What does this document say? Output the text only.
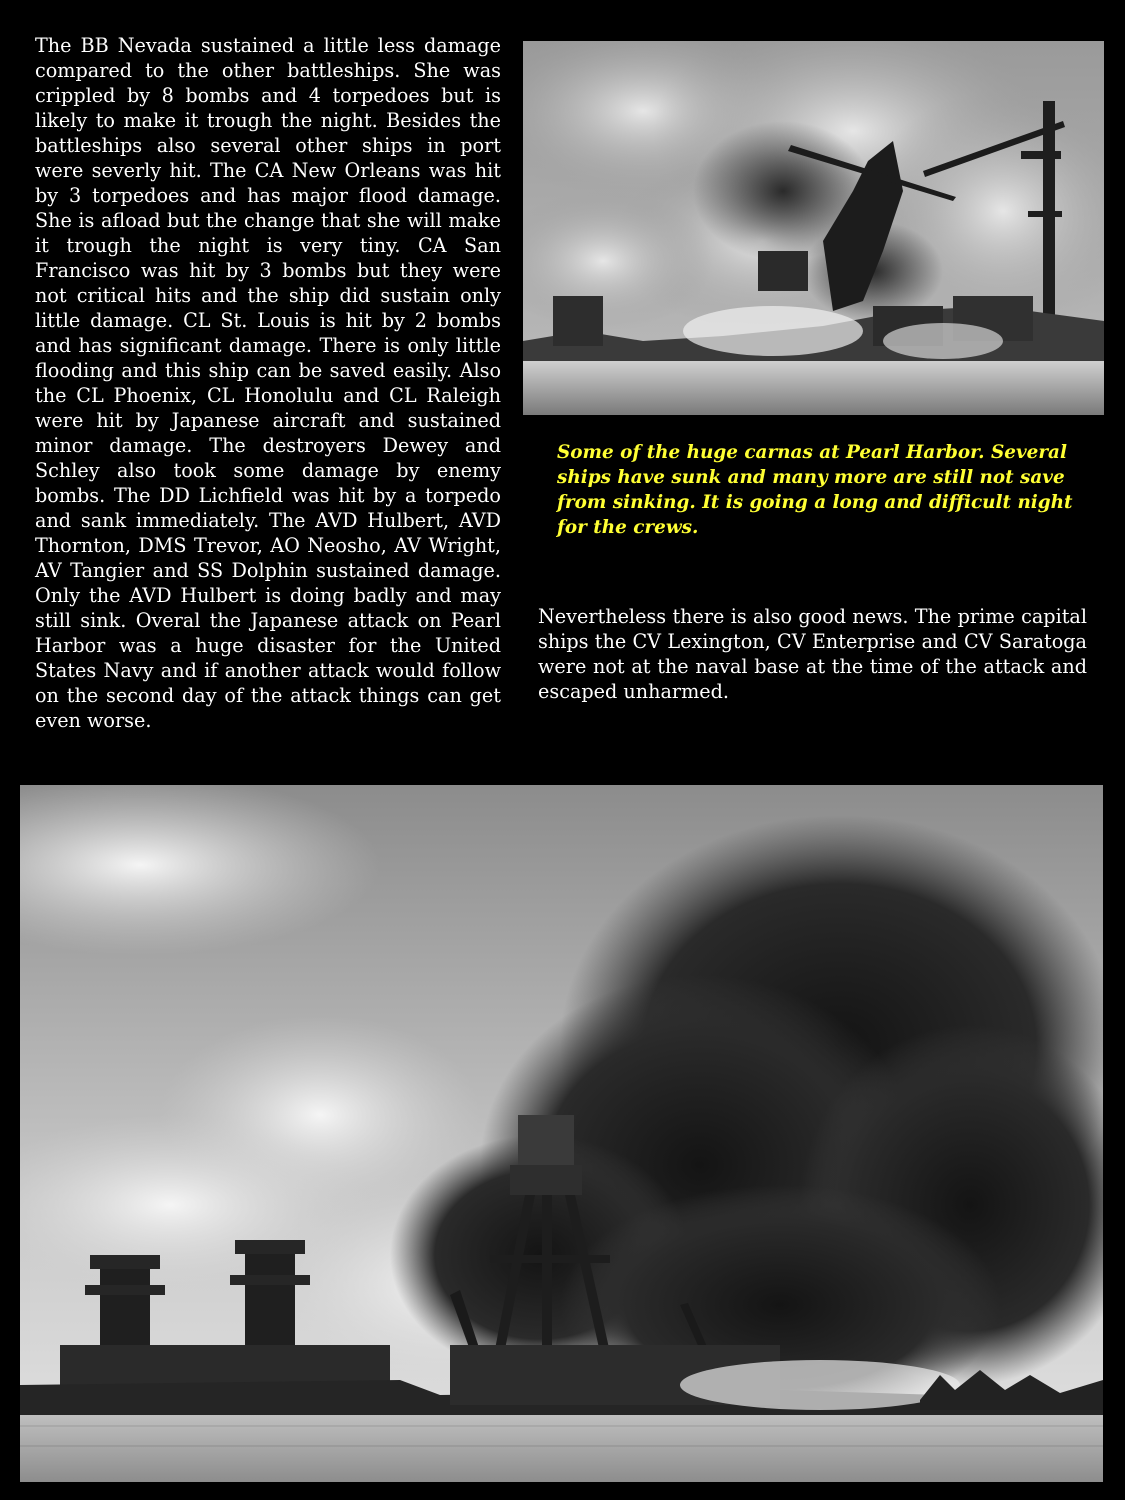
The BB Nevada sustained a little less damage compared to the other battleships. She was crippled by 8 bombs and 4 torpedoes but is likely to make it trough the night. Besides the battleships also several other ships in port were severly hit. The CA New Orleans was hit by 3 torpedoes and has major flood damage. She is afload but the change that she will make it trough the night is very tiny. CA San Francisco was hit by 3 bombs but they were not critical hits and the ship did sustain only little damage. CL St. Louis is hit by 2 bombs and has significant damage. There is only little flooding and this ship can be saved easily. Also the CL Phoenix, CL Honolulu and CL Raleigh were hit by Japanese aircraft and sustained minor damage. The destroyers Dewey and Schley also took some damage by enemy bombs. The DD Lichfield was hit by a torpedo and sank immediately. The AVD Hulbert, AVD Thornton, DMS Trevor, AO Neosho, AV Wright, AV Tangier and SS Dolphin sustained damage. Only the AVD Hulbert is doing badly and may still sink. Overal the Japanese attack on Pearl Harbor was a huge disaster for the United States Navy and if another attack would follow on the second day of the attack things can get even worse.

Some of the huge carnas at Pearl Harbor. Several ships have sunk and many more are still not save from sinking. It is going a long and difficult night for the crews.

Nevertheless there is also good news. The prime capital ships the CV Lexington, CV Enterprise and CV Saratoga were not at the naval base at the time of the attack and escaped unharmed.
